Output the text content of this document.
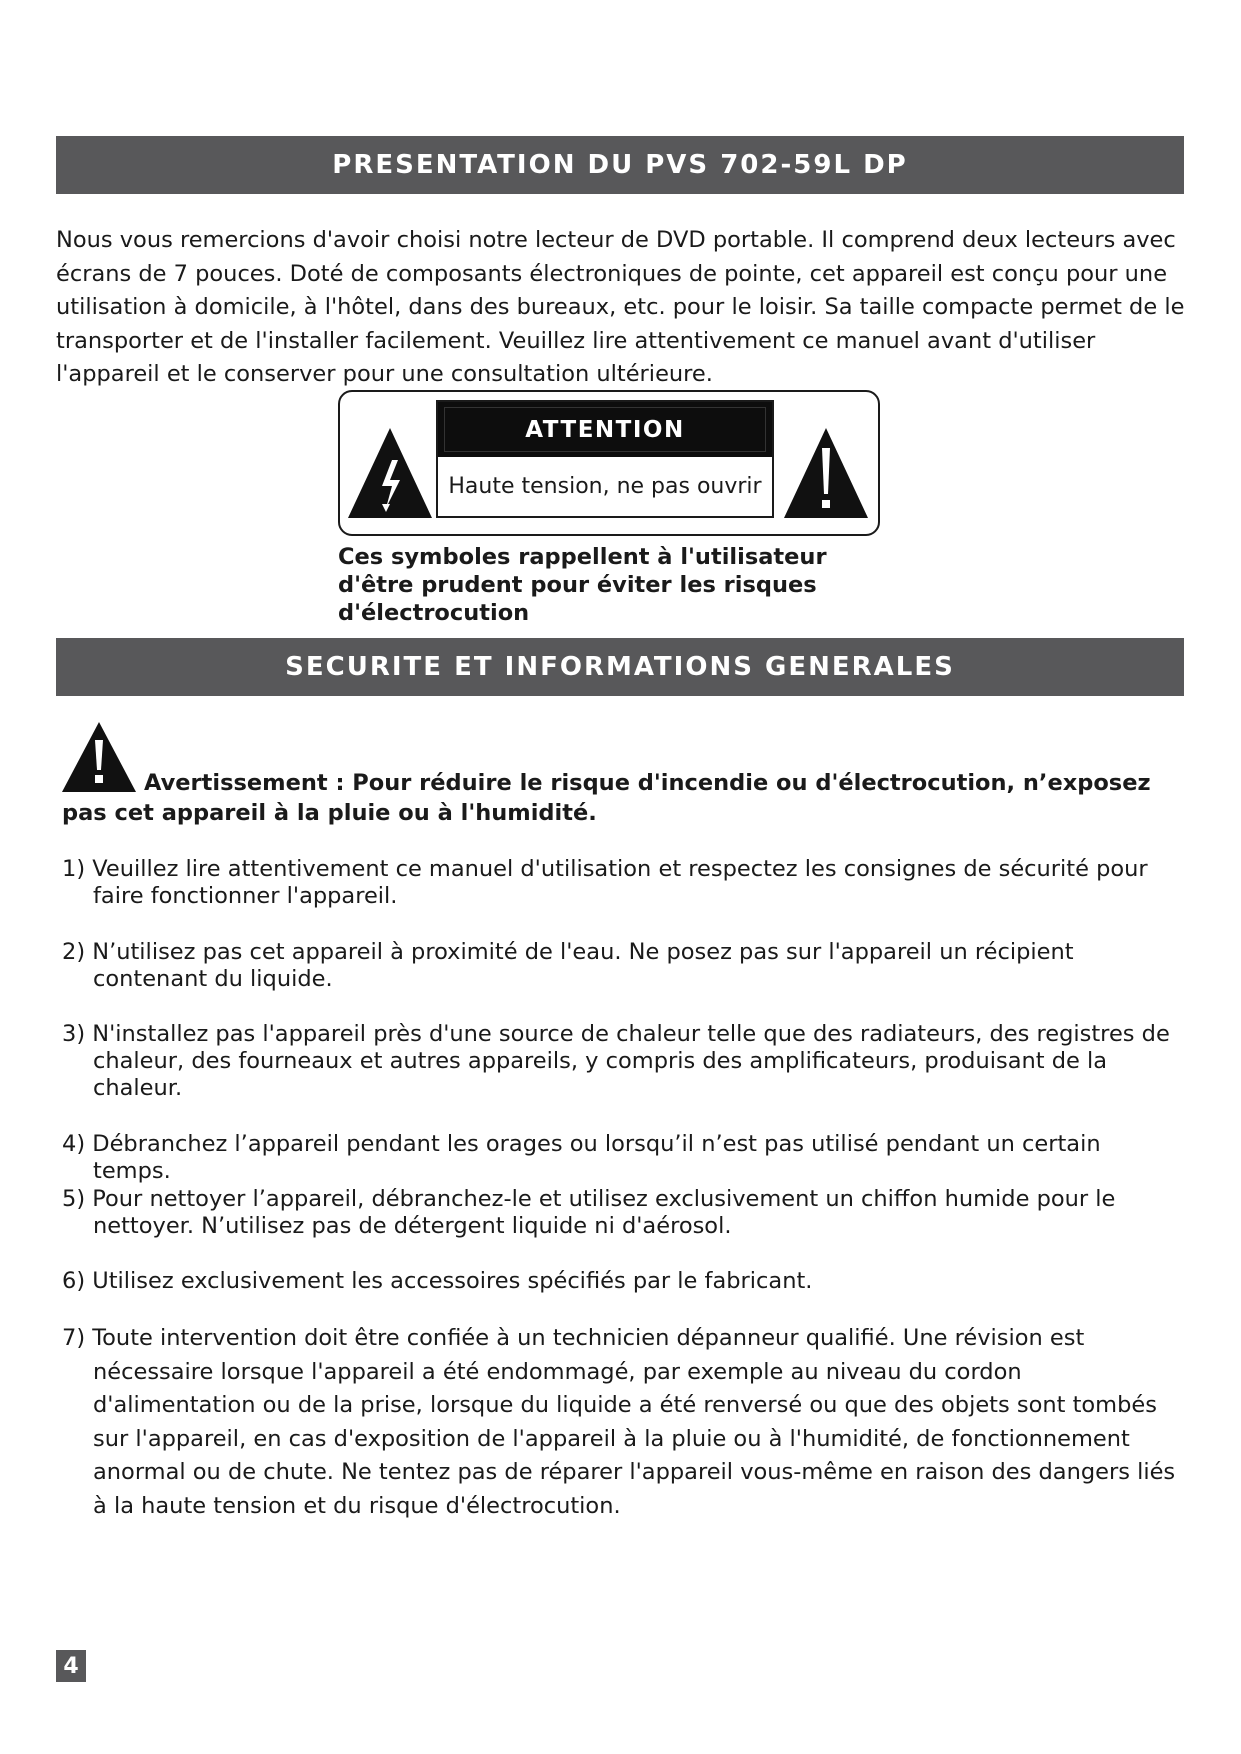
PRESENTATION DU PVS 702-59L DP

Nous vous remercions d'avoir choisi notre lecteur de DVD portable. Il comprend deux lecteurs avec écrans de 7 pouces. Doté de composants électroniques de pointe, cet appareil est conçu pour une utilisation à domicile, à l'hôtel, dans des bureaux, etc. pour le loisir. Sa taille compacte permet de le transporter et de l'installer facilement. Veuillez lire attentivement ce manuel avant d'utiliser l'appareil et le conserver pour une consultation ultérieure.

ATTENTION
Haute tension, ne pas ouvrir

Ces symboles rappellent à l'utilisateur d'être prudent pour éviter les risques d'électrocution

SECURITE ET INFORMATIONS GENERALES

Avertissement : Pour réduire le risque d'incendie ou d'électrocution, n’exposez pas cet appareil à la pluie ou à l'humidité.

1) Veuillez lire attentivement ce manuel d'utilisation et respectez les consignes de sécurité pour faire fonctionner l'appareil.

2) N’utilisez pas cet appareil à proximité de l'eau. Ne posez pas sur l'appareil un récipient contenant du liquide.

3) N'installez pas l'appareil près d'une source de chaleur telle que des radiateurs, des registres de chaleur, des fourneaux et autres appareils, y compris des amplificateurs, produisant de la chaleur.

4) Débranchez l’appareil pendant les orages ou lorsqu’il n’est pas utilisé pendant un certain temps.

5) Pour nettoyer l’appareil, débranchez-le et utilisez exclusivement un chiffon humide pour le nettoyer. N’utilisez pas de détergent liquide ni d'aérosol.

6) Utilisez exclusivement les accessoires spécifiés par le fabricant.

7) Toute intervention doit être confiée à un technicien dépanneur qualifié. Une révision est nécessaire lorsque l'appareil a été endommagé, par exemple au niveau du cordon d'alimentation ou de la prise, lorsque du liquide a été renversé ou que des objets sont tombés sur l'appareil, en cas d'exposition de l'appareil à la pluie ou à l'humidité, de fonctionnement anormal ou de chute. Ne tentez pas de réparer l'appareil vous-même en raison des dangers liés à la haute tension et du risque d'électrocution.

4
